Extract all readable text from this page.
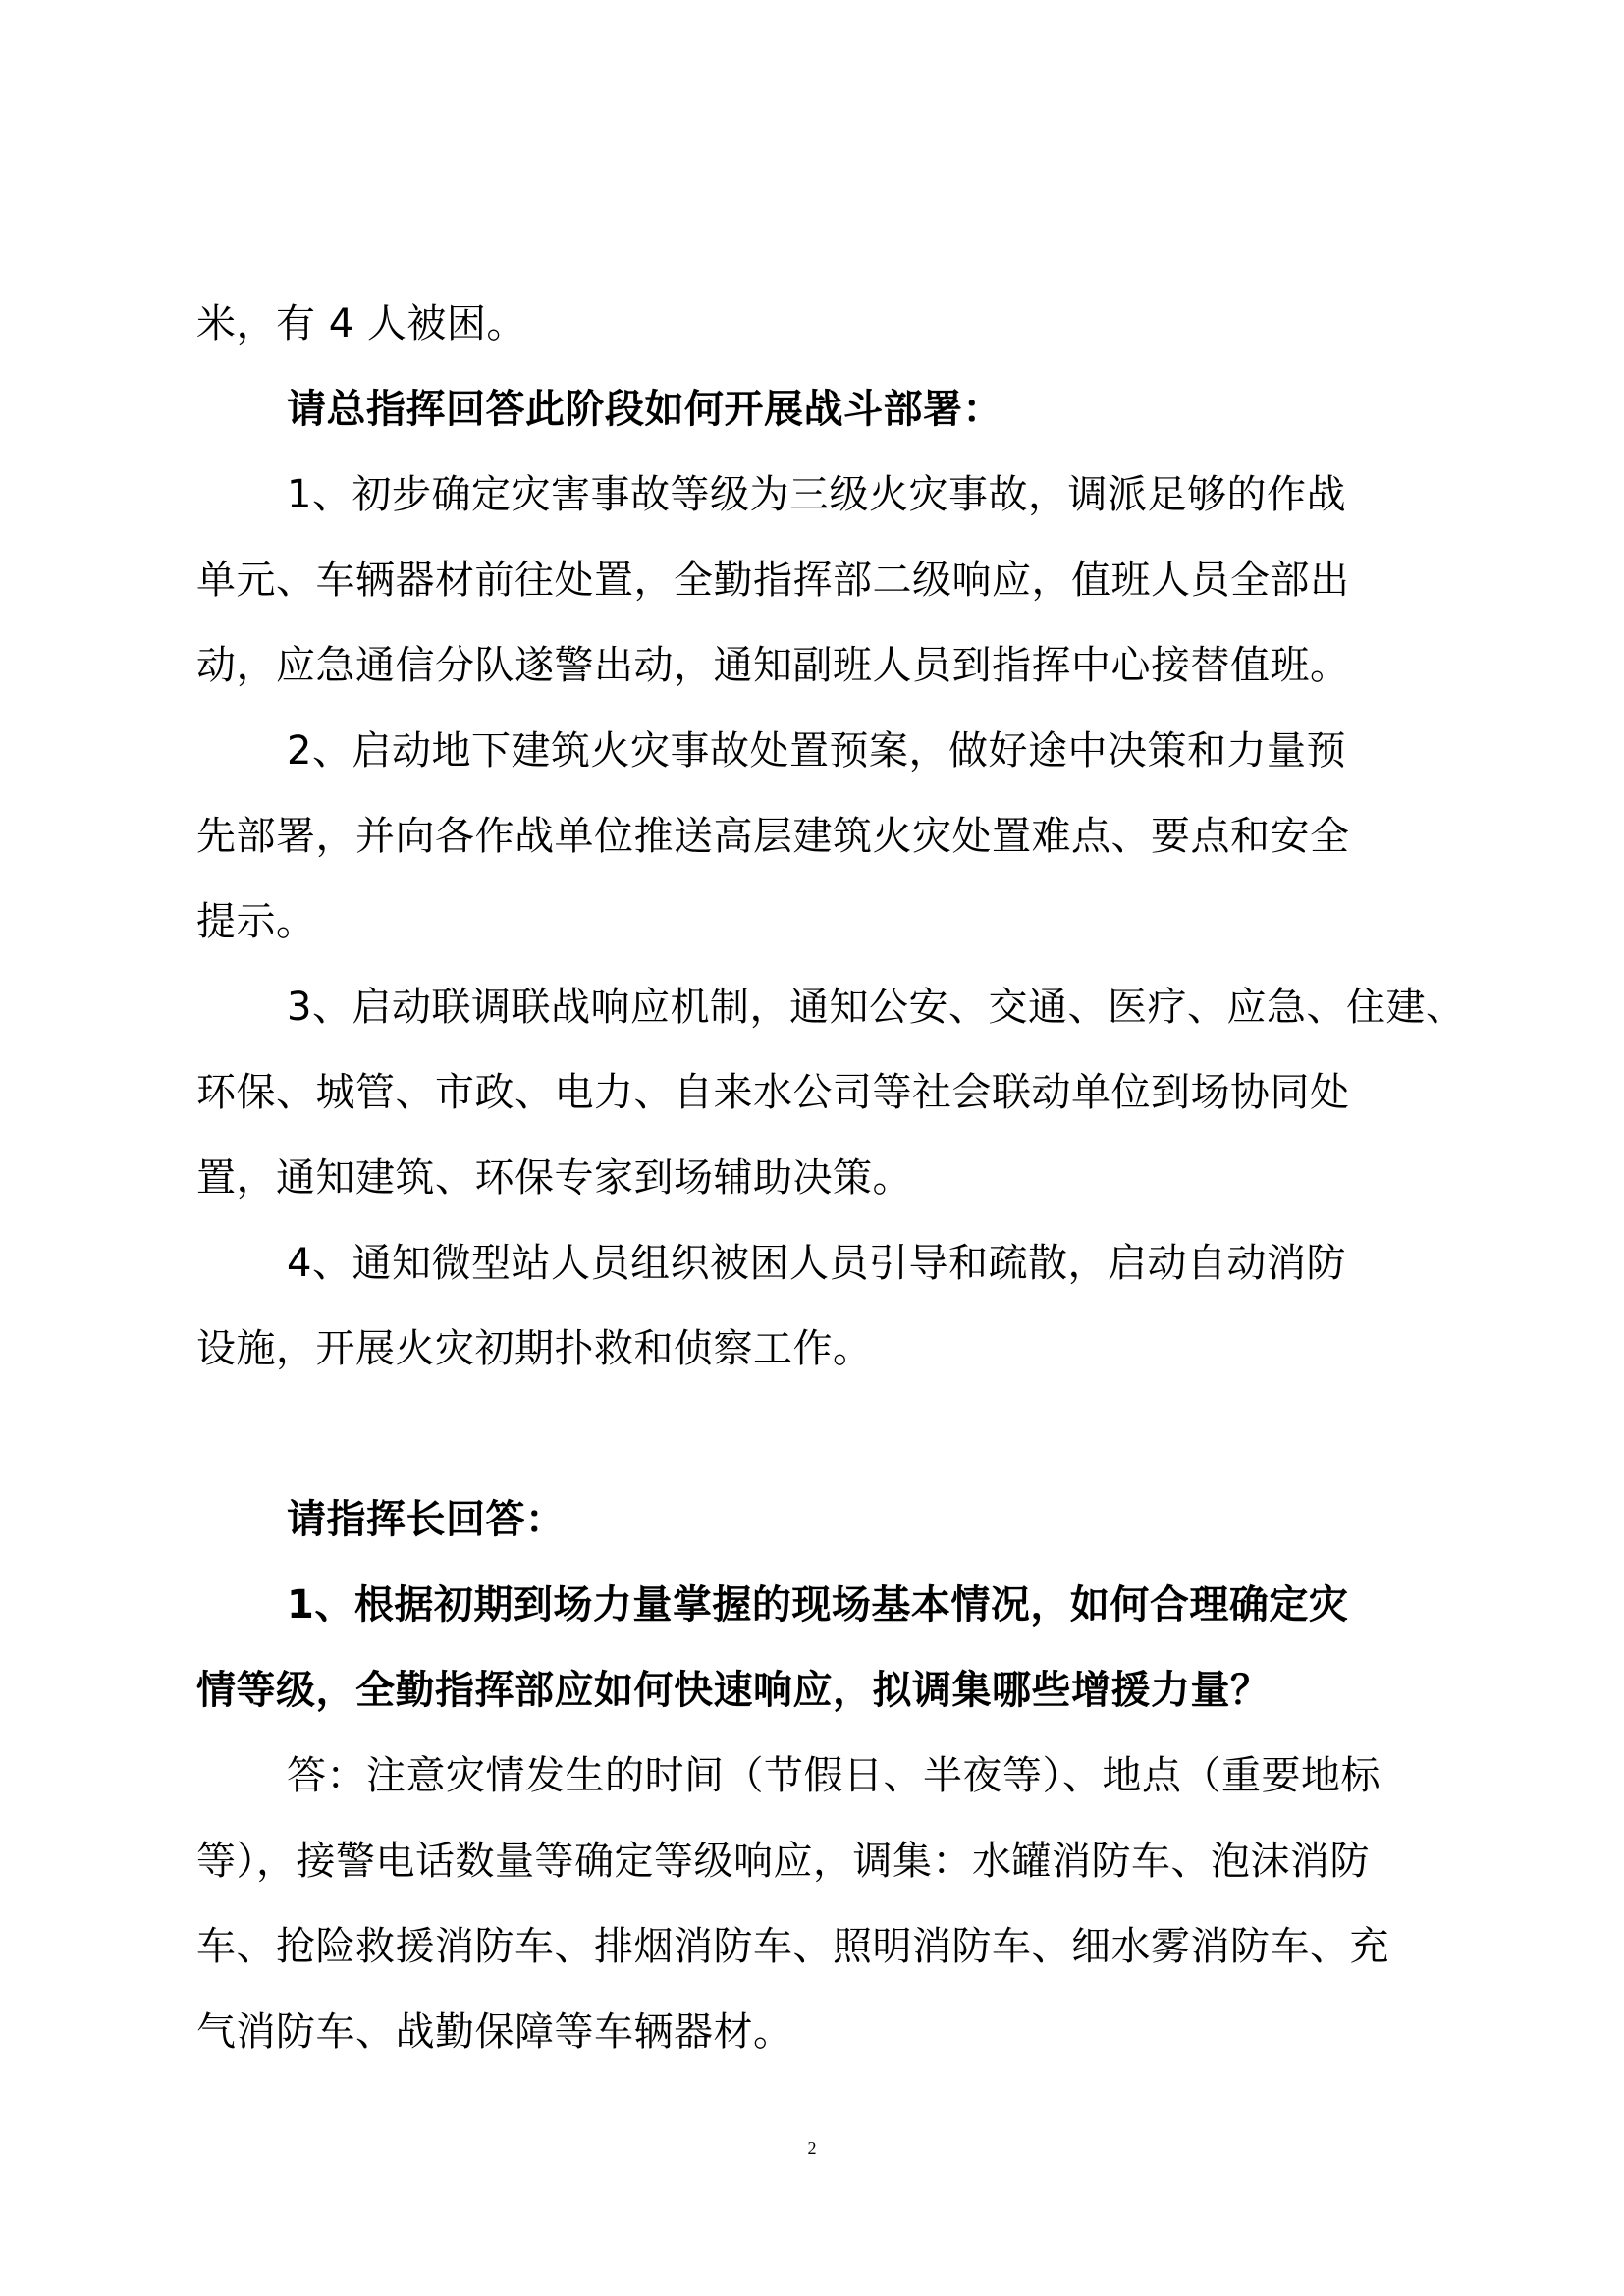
米，有 4 人被困。
请总指挥回答此阶段如何开展战斗部署：
1、初步确定灾害事故等级为三级火灾事故，调派足够的作战
单元、车辆器材前往处置，全勤指挥部二级响应，值班人员全部出
动，应急通信分队遂警出动，通知副班人员到指挥中心接替值班。
2、启动地下建筑火灾事故处置预案，做好途中决策和力量预
先部署，并向各作战单位推送高层建筑火灾处置难点、要点和安全
提示。
3、启动联调联战响应机制，通知公安、交通、医疗、应急、住建、
环保、城管、市政、电力、自来水公司等社会联动单位到场协同处
置，通知建筑、环保专家到场辅助决策。
4、通知微型站人员组织被困人员引导和疏散，启动自动消防
设施，开展火灾初期扑救和侦察工作。
请指挥长回答：
1、根据初期到场力量掌握的现场基本情况，如何合理确定灾
情等级，全勤指挥部应如何快速响应，拟调集哪些增援力量？
答：注意灾情发生的时间（节假日、半夜等）、地点（重要地标
等），接警电话数量等确定等级响应，调集：水罐消防车、泡沫消防
车、抢险救援消防车、排烟消防车、照明消防车、细水雾消防车、充
气消防车、战勤保障等车辆器材。
2
